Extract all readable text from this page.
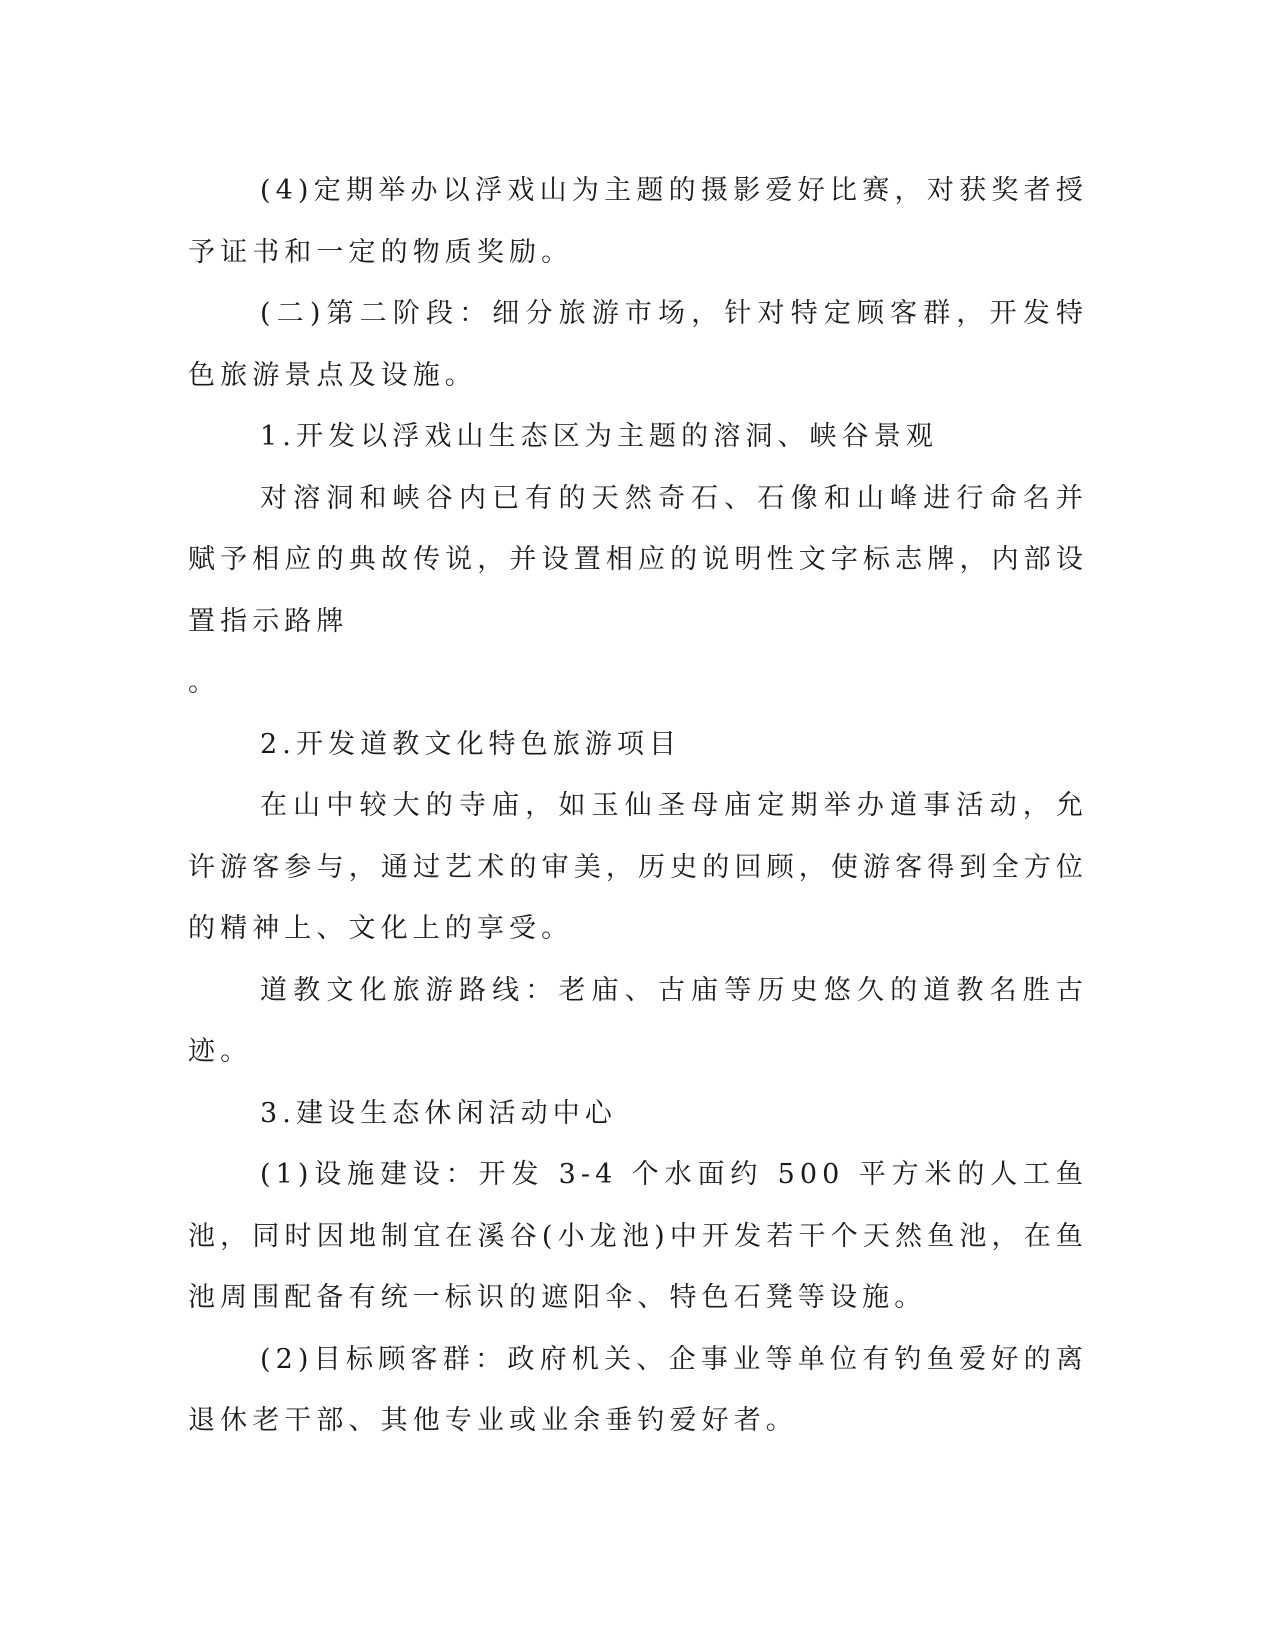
(4)定期举办以浮戏山为主题的摄影爱好比赛，对获奖者授予证书和一定的物质奖励。

(二)第二阶段：细分旅游市场，针对特定顾客群，开发特色旅游景点及设施。

1.开发以浮戏山生态区为主题的溶洞、峡谷景观

对溶洞和峡谷内已有的天然奇石、石像和山峰进行命名并赋予相应的典故传说，并设置相应的说明性文字标志牌，内部设置指示路牌

。

2.开发道教文化特色旅游项目

在山中较大的寺庙，如玉仙圣母庙定期举办道事活动，允许游客参与，通过艺术的审美，历史的回顾，使游客得到全方位的精神上、文化上的享受。

道教文化旅游路线：老庙、古庙等历史悠久的道教名胜古迹。

3.建设生态休闲活动中心

(1)设施建设：开发 3-4 个水面约 500 平方米的人工鱼池，同时因地制宜在溪谷(小龙池)中开发若干个天然鱼池，在鱼池周围配备有统一标识的遮阳伞、特色石凳等设施。

(2)目标顾客群：政府机关、企事业等单位有钓鱼爱好的离退休老干部、其他专业或业余垂钓爱好者。
